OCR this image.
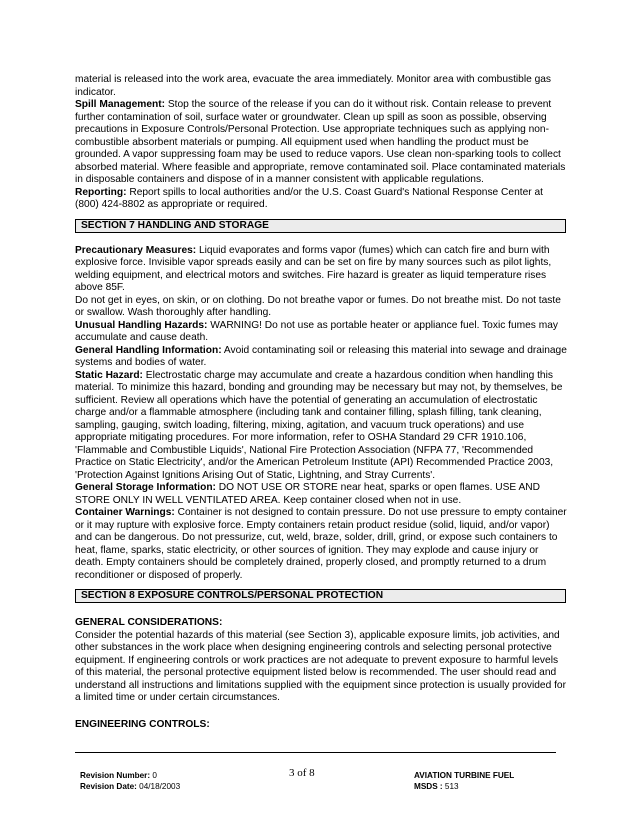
material is released into the work area, evacuate the area immediately. Monitor area with combustible gas indicator.

Spill Management: Stop the source of the release if you can do it without risk. Contain release to prevent further contamination of soil, surface water or groundwater. Clean up spill as soon as possible, observing precautions in Exposure Controls/Personal Protection. Use appropriate techniques such as applying non-combustible absorbent materials or pumping. All equipment used when handling the product must be grounded. A vapor suppressing foam may be used to reduce vapors. Use clean non-sparking tools to collect absorbed material. Where feasible and appropriate, remove contaminated soil. Place contaminated materials in disposable containers and dispose of in a manner consistent with applicable regulations.

Reporting: Report spills to local authorities and/or the U.S. Coast Guard's National Response Center at (800) 424-8802 as appropriate or required.

SECTION 7 HANDLING AND STORAGE

Precautionary Measures: Liquid evaporates and forms vapor (fumes) which can catch fire and burn with explosive force. Invisible vapor spreads easily and can be set on fire by many sources such as pilot lights, welding equipment, and electrical motors and switches. Fire hazard is greater as liquid temperature rises above 85F.

Do not get in eyes, on skin, or on clothing. Do not breathe vapor or fumes. Do not breathe mist. Do not taste or swallow. Wash thoroughly after handling.

Unusual Handling Hazards: WARNING! Do not use as portable heater or appliance fuel. Toxic fumes may accumulate and cause death.

General Handling Information: Avoid contaminating soil or releasing this material into sewage and drainage systems and bodies of water.

Static Hazard: Electrostatic charge may accumulate and create a hazardous condition when handling this material. To minimize this hazard, bonding and grounding may be necessary but may not, by themselves, be sufficient. Review all operations which have the potential of generating an accumulation of electrostatic charge and/or a flammable atmosphere (including tank and container filling, splash filling, tank cleaning, sampling, gauging, switch loading, filtering, mixing, agitation, and vacuum truck operations) and use appropriate mitigating procedures. For more information, refer to OSHA Standard 29 CFR 1910.106, 'Flammable and Combustible Liquids', National Fire Protection Association (NFPA 77, 'Recommended Practice on Static Electricity', and/or the American Petroleum Institute (API) Recommended Practice 2003, 'Protection Against Ignitions Arising Out of Static, Lightning, and Stray Currents'.

General Storage Information: DO NOT USE OR STORE near heat, sparks or open flames. USE AND STORE ONLY IN WELL VENTILATED AREA. Keep container closed when not in use.

Container Warnings: Container is not designed to contain pressure. Do not use pressure to empty container or it may rupture with explosive force. Empty containers retain product residue (solid, liquid, and/or vapor) and can be dangerous. Do not pressurize, cut, weld, braze, solder, drill, grind, or expose such containers to heat, flame, sparks, static electricity, or other sources of ignition. They may explode and cause injury or death. Empty containers should be completely drained, properly closed, and promptly returned to a drum reconditioner or disposed of properly.

SECTION 8 EXPOSURE CONTROLS/PERSONAL PROTECTION

GENERAL CONSIDERATIONS:

Consider the potential hazards of this material (see Section 3), applicable exposure limits, job activities, and other substances in the work place when designing engineering controls and selecting personal protective equipment. If engineering controls or work practices are not adequate to prevent exposure to harmful levels of this material, the personal protective equipment listed below is recommended. The user should read and understand all instructions and limitations supplied with the equipment since protection is usually provided for a limited time or under certain circumstances.

ENGINEERING CONTROLS:

Revision Number: 0
Revision Date: 04/18/2003
3 of 8	AVIATION TURBINE FUEL
MSDS : 513
